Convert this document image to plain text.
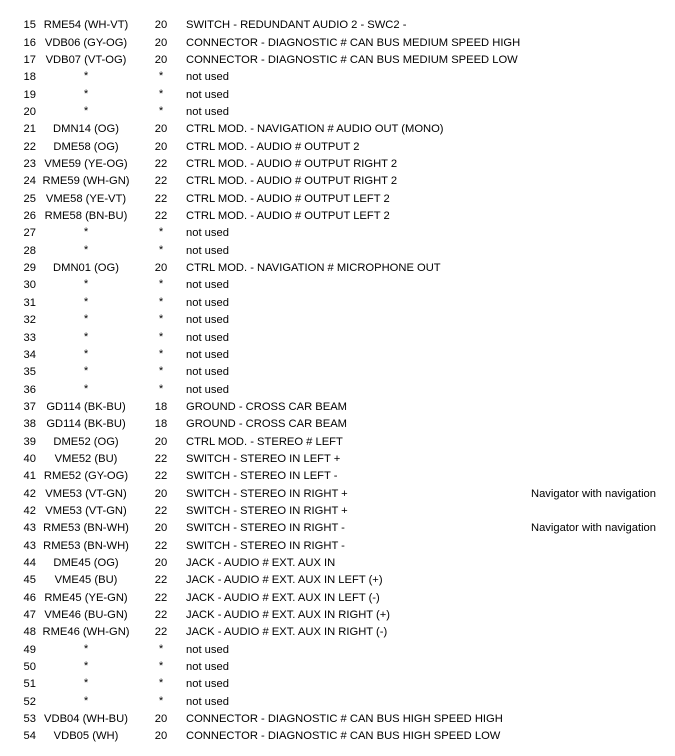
15	RME54 (WH-VT)	20	SWITCH - REDUNDANT AUDIO 2 - SWC2 -	
16	VDB06 (GY-OG)	20	CONNECTOR - DIAGNOSTIC # CAN BUS MEDIUM SPEED HIGH	
17	VDB07 (VT-OG)	20	CONNECTOR - DIAGNOSTIC # CAN BUS MEDIUM SPEED LOW	
18	*	*	not used	
19	*	*	not used	
20	*	*	not used	
21	DMN14 (OG)	20	CTRL MOD. - NAVIGATION # AUDIO OUT (MONO)	
22	DME58 (OG)	20	CTRL MOD. - AUDIO # OUTPUT 2	
23	VME59 (YE-OG)	22	CTRL MOD. - AUDIO # OUTPUT RIGHT 2	
24	RME59 (WH-GN)	22	CTRL MOD. - AUDIO # OUTPUT RIGHT 2	
25	VME58 (YE-VT)	22	CTRL MOD. - AUDIO # OUTPUT LEFT 2	
26	RME58 (BN-BU)	22	CTRL MOD. - AUDIO # OUTPUT LEFT 2	
27	*	*	not used	
28	*	*	not used	
29	DMN01 (OG)	20	CTRL MOD. - NAVIGATION # MICROPHONE OUT	
30	*	*	not used	
31	*	*	not used	
32	*	*	not used	
33	*	*	not used	
34	*	*	not used	
35	*	*	not used	
36	*	*	not used	
37	GD114 (BK-BU)	18	GROUND - CROSS CAR BEAM	
38	GD114 (BK-BU)	18	GROUND - CROSS CAR BEAM	
39	DME52 (OG)	20	CTRL MOD. - STEREO # LEFT	
40	VME52 (BU)	22	SWITCH - STEREO IN LEFT +	
41	RME52 (GY-OG)	22	SWITCH - STEREO IN LEFT -	
42	VME53 (VT-GN)	20	SWITCH - STEREO IN RIGHT +	Navigator with navigation
42	VME53 (VT-GN)	22	SWITCH - STEREO IN RIGHT +	
43	RME53 (BN-WH)	20	SWITCH - STEREO IN RIGHT -	Navigator with navigation
43	RME53 (BN-WH)	22	SWITCH - STEREO IN RIGHT -	
44	DME45 (OG)	20	JACK - AUDIO # EXT. AUX IN	
45	VME45 (BU)	22	JACK - AUDIO # EXT. AUX IN LEFT (+)	
46	RME45 (YE-GN)	22	JACK - AUDIO # EXT. AUX IN LEFT (-)	
47	VME46 (BU-GN)	22	JACK - AUDIO # EXT. AUX IN RIGHT (+)	
48	RME46 (WH-GN)	22	JACK - AUDIO # EXT. AUX IN RIGHT (-)	
49	*	*	not used	
50	*	*	not used	
51	*	*	not used	
52	*	*	not used	
53	VDB04 (WH-BU)	20	CONNECTOR - DIAGNOSTIC # CAN BUS HIGH SPEED HIGH	
54	VDB05 (WH)	20	CONNECTOR - DIAGNOSTIC # CAN BUS HIGH SPEED LOW	
